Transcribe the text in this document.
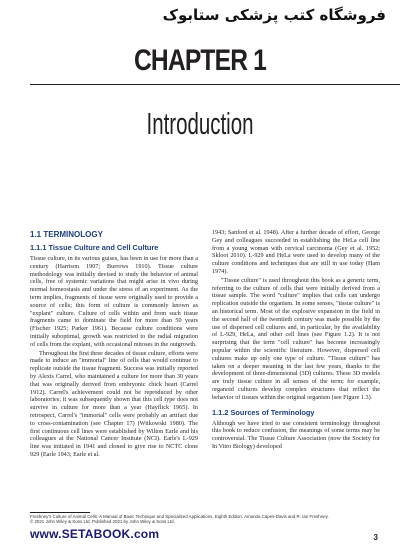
فروشگاه کتب پزشکی ستابوک
CHAPTER 1
Introduction
1.1 TERMINOLOGY
1.1.1 Tissue Culture and Cell Culture

Tissue culture, in its various guises, has been in use for more than a century (Harrison 1907; Burrows 1910). Tissue culture methodology was initially devised to study the behavior of animal cells, free of systemic variations that might arise in vivo during normal homeostasis and under the stress of an experiment. As the term implies, fragments of tissue were originally used to provide a source of cells; this form of culture is commonly known as "explant" culture. Culture of cells within and from such tissue fragments came to dominate the field for more than 50 years (Fischer 1925; Parker 1961). Because culture conditions were initially suboptimal, growth was restricted to the radial migration of cells from the explant, with occasional mitoses in the outgrowth.

Throughout the first three decades of tissue culture, efforts were made to induce an "immortal" line of cells that would continue to replicate outside the tissue fragment. Success was initially reported by Alexis Carrel, who maintained a culture for more than 30 years that was originally derived from embryonic chick heart (Carrel 1912). Carrel's achievement could not be reproduced by other laboratories; it was subsequently shown that this cell type does not survive in culture for more than a year (Hayflick 1965). In retrospect, Carrel's "immortal" cells were probably an artifact due to cross-contamination (see Chapter 17) (Witkowski 1980). The first continuous cell lines were established by Wilton Earle and his colleagues at the National Cancer Institute (NCI). Earle's L-929 line was initiated in 1941 and cloned to give rise to NCTC clone 929 (Earle 1943; Earle et al.

1943; Sanford et al. 1948). After a further decade of effort, George Gey and colleagues succeeded in establishing the HeLa cell line from a young woman with cervical carcinoma (Gey et al. 1952; Skloot 2010). L-929 and HeLa were used to develop many of the culture conditions and techniques that are still in use today (Ham 1974).

"Tissue culture" is used throughout this book as a generic term, referring to the culture of cells that were initially derived from a tissue sample. The word "culture" implies that cells can undergo replication outside the organism. In some senses, "tissue culture" is an historical term. Most of the explosive expansion in the field in the second half of the twentieth century was made possible by the use of dispersed cell cultures and, in particular, by the availability of L-929, HeLa, and other cell lines (see Figure 1.2). It is not surprising that the term "cell culture" has become increasingly popular within the scientific literature. However, dispersed cell cultures make up only one type of culture. "Tissue culture" has taken on a deeper meaning in the last few years, thanks to the development of three-dimensional (3D) cultures. These 3D models are truly tissue culture in all senses of the term; for example, organoid cultures develop complex structures that reflect the behavior of tissues within the original organism (see Figure 1.3).

1.1.2 Sources of Terminology

Although we have tried to use consistent terminology throughout this book to reduce confusion, the meanings of some terms may be controversial. The Tissue Culture Association (now the Society for In Vitro Biology) developed

Freshney's Culture of Animal Cells: A Manual of Basic Technique and Specialized Applications, Eighth Edition. Amanda Capes-Davis and R. Ian Freshney.
© 2021 John Wiley & Sons Ltd. Published 2021 by John Wiley & Sons Ltd.
www.SETABOOK.com	3
